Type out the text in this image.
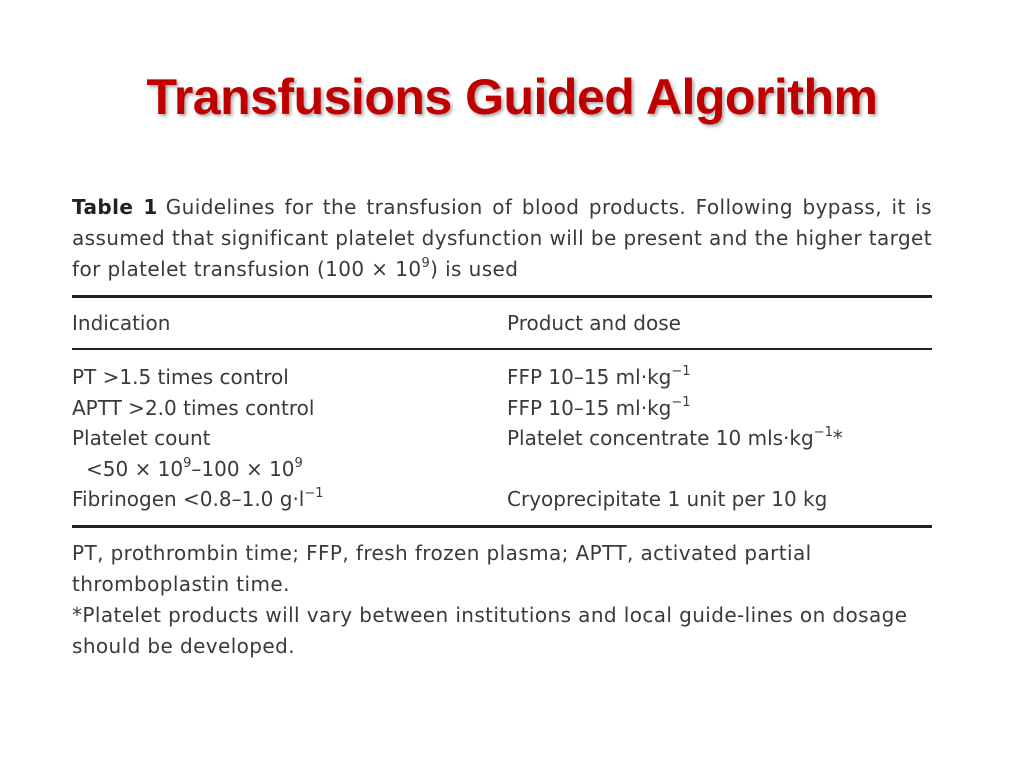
Transfusions Guided Algorithm

Table 1 Guidelines for the transfusion of blood products. Following bypass, it is assumed that significant platelet dysfunction will be present and the higher target for platelet transfusion $(100 \times 10^9)$ is used

Indication	Product and dose
PT >1.5 times control	FFP 10–15 $ml\cdot kg^{-1}$
APTT >2.0 times control	FFP 10–15 $ml\cdot kg^{-1}$
Platelet count	Platelet concentrate 10 $mls\cdot kg^{-1}*$
$<50 \times 10^9-100 \times 10^9$
Fibrinogen <0.8–1.0 $g\cdot l^{-1}$	Cryoprecipitate 1 unit per 10 kg

PT, prothrombin time; FFP, fresh frozen plasma; APTT, activated partial thromboplastin time.

*Platelet products will vary between institutions and local guide-lines on dosage should be developed.
